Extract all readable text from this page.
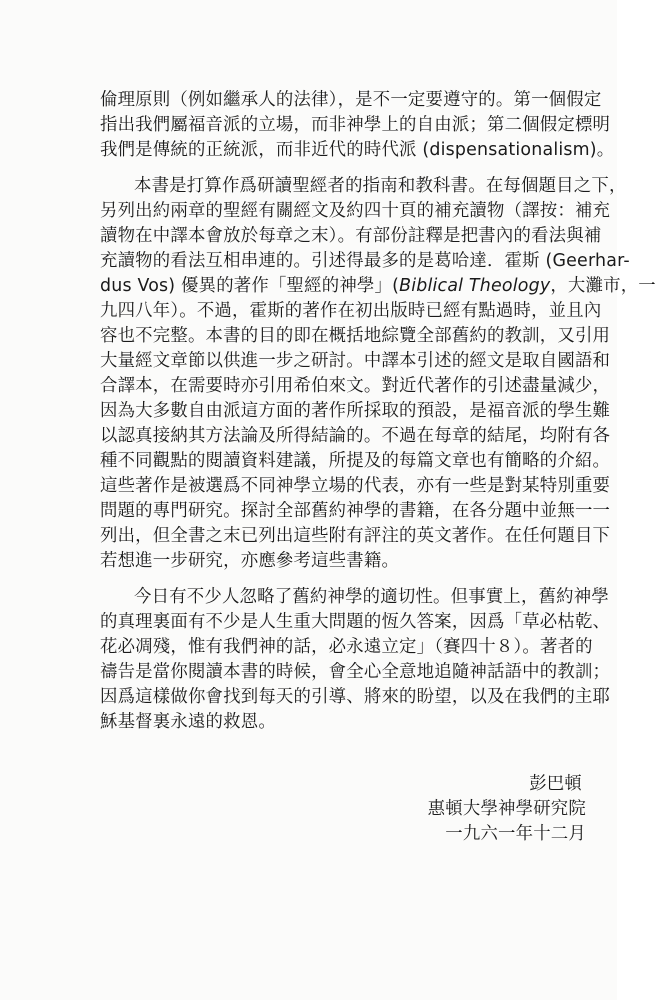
倫理原則（例如繼承人的法律），是不一定要遵守的。第一個假定
指出我們屬福音派的立場，而非神學上的自由派；第二個假定標明
我們是傳統的正統派，而非近代的時代派 (dispensationalism)。
本書是打算作爲研讀聖經者的指南和教科書。在每個題目之下，
另列出約兩章的聖經有關經文及約四十頁的補充讀物（譯按：補充
讀物在中譯本會放於每章之末）。有部份註釋是把書內的看法與補
充讀物的看法互相串連的。引述得最多的是葛哈達．霍斯 (Geerhar-
dus Vos) 優異的著作「聖經的神學」(Biblical Theology，大灘市，一
九四八年）。不過，霍斯的著作在初出版時已經有點過時，並且內
容也不完整。本書的目的即在概括地綜覽全部舊約的教訓，又引用
大量經文章節以供進一步之研討。中譯本引述的經文是取自國語和
合譯本，在需要時亦引用希伯來文。對近代著作的引述盡量減少，
因為大多數自由派這方面的著作所採取的預設，是福音派的學生難
以認真接納其方法論及所得結論的。不過在每章的結尾，均附有各
種不同觀點的閱讀資料建議，所提及的每篇文章也有簡略的介紹。
這些著作是被選爲不同神學立場的代表，亦有一些是對某特別重要
問題的專門研究。探討全部舊約神學的書籍，在各分題中並無一一
列出，但全書之末已列出這些附有評注的英文著作。在任何題目下
若想進一步研究，亦應參考這些書籍。
今日有不少人忽略了舊約神學的適切性。但事實上，舊約神學
的真理裏面有不少是人生重大問題的恆久答案，因爲「草必枯乾、
花必凋殘，惟有我們神的話，必永遠立定」（賽四十８）。著者的
禱告是當你閱讀本書的時候，會全心全意地追隨神話語中的教訓；
因爲這樣做你會找到每天的引導、將來的盼望，以及在我們的主耶
穌基督裏永遠的救恩。
彭巴頓
惠頓大學神學研究院
一九六一年十二月
